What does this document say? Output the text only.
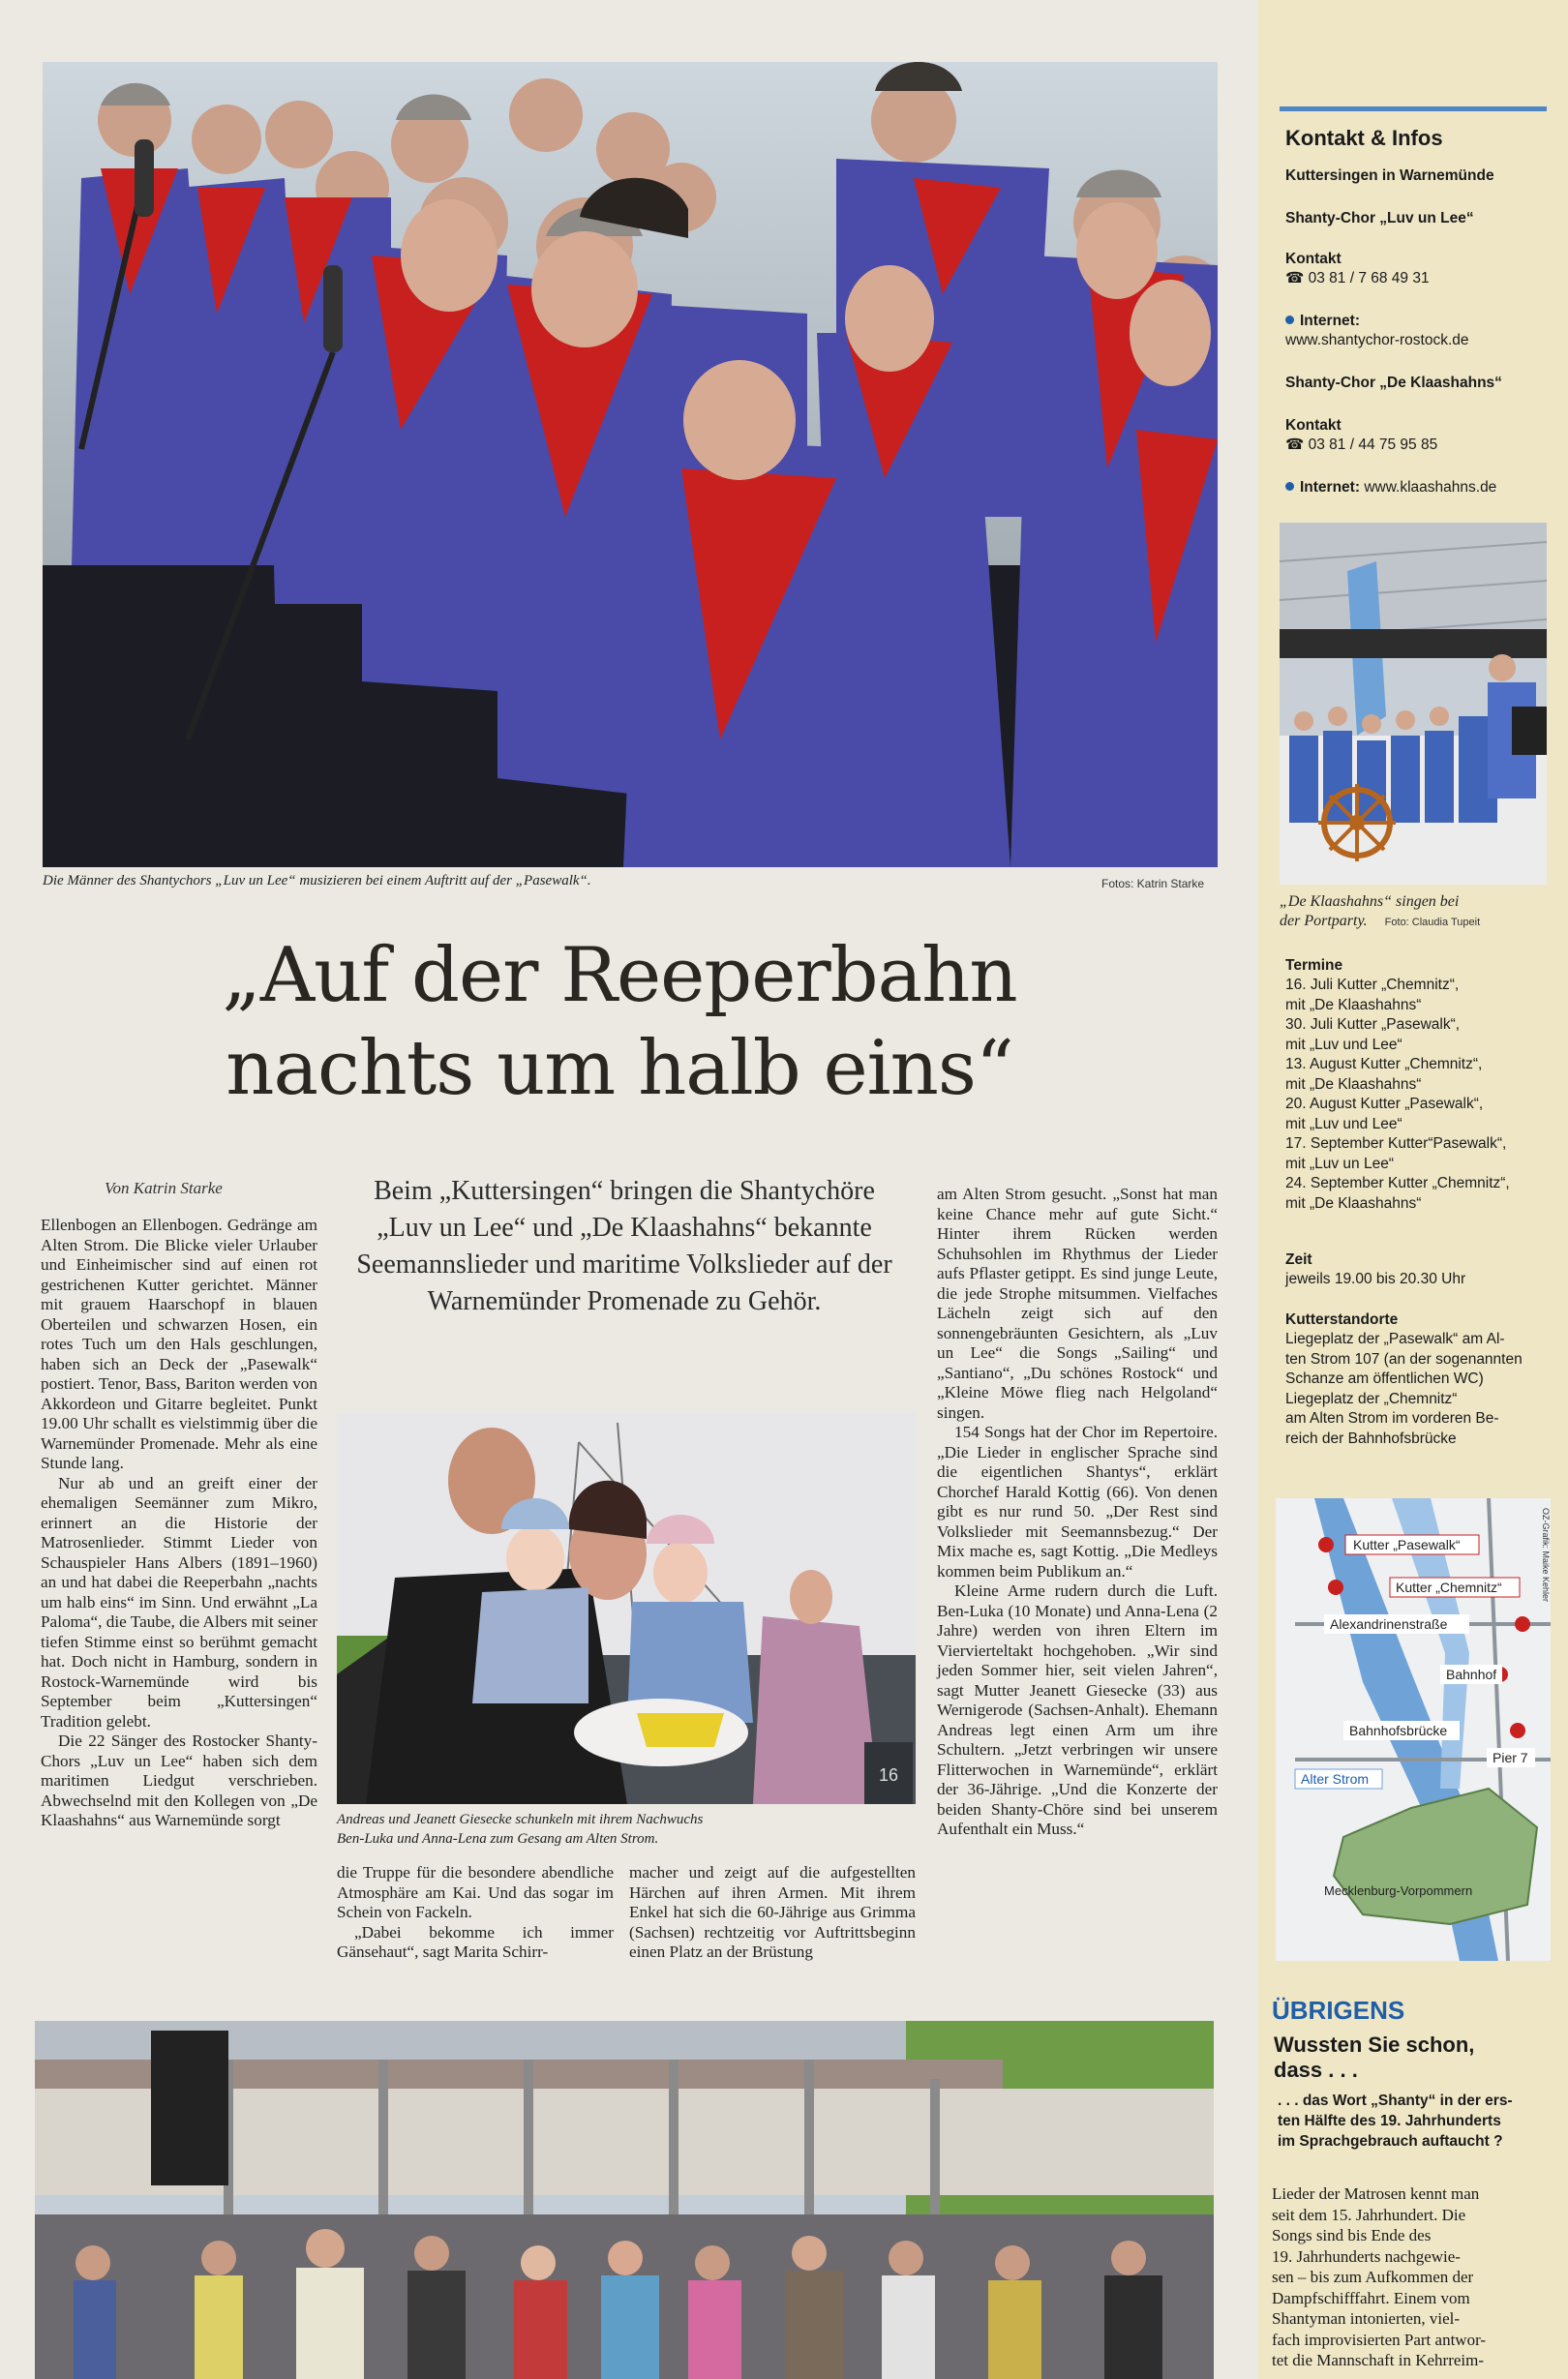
Die Männer des Shantychors „Luv un Lee“ musizieren bei einem Auftritt auf der „Pasewalk“.	Fotos: Katrin Starke
„Auf der Reeperbahn
nachts um halb eins“
Von Katrin Starke	Beim „Kuttersingen“ bringen die Shantychöre „Luv un Lee“ und „De Klaashahns“ bekannte Seemannslieder und maritime Volkslieder auf der Warnemünder Promenade zu Gehör.

Ellenbogen an Ellenbogen. Gedränge am Alten Strom. Die Blicke vieler Urlauber und Einheimischer sind auf einen rot gestrichenen Kutter gerichtet. Männer mit grauem Haarschopf in blauen Oberteilen und schwarzen Hosen, ein rotes Tuch um den Hals geschlungen, haben sich an Deck der „Pasewalk“ postiert. Tenor, Bass, Bariton werden von Akkordeon und Gitarre begleitet. Punkt 19.00 Uhr schallt es vielstimmig über die Warnemünder Promenade. Mehr als eine Stunde lang.

Nur ab und an greift einer der ehemaligen Seemänner zum Mikro, erinnert an die Historie der Matrosenlieder. Stimmt Lieder von Schauspieler Hans Albers (1891–1960) an und hat dabei die Reeperbahn „nachts um halb eins“ im Sinn. Und erwähnt „La Paloma“, die Taube, die Albers mit seiner tiefen Stimme einst so berühmt gemacht hat. Doch nicht in Hamburg, sondern in Rostock-Warnemünde wird bis September beim „Kuttersingen“ Tradition gelebt.

Die 22 Sänger des Rostocker Shanty-Chors „Luv un Lee“ haben sich dem maritimen Liedgut verschrieben. Abwechselnd mit den Kollegen von „De Klaashahns“ aus Warnemünde sorgt

16
Andreas und Jeanett Giesecke schunkeln mit ihrem Nachwuchs
Ben-Luka und Anna-Lena zum Gesang am Alten Strom.

die Truppe für die besondere abendliche Atmosphäre am Kai. Und das sogar im Schein von Fackeln.

„Dabei bekomme ich immer Gänsehaut“, sagt Marita Schirr-

macher und zeigt auf die aufgestellten Härchen auf ihren Armen. Mit ihrem Enkel hat sich die 60-Jährige aus Grimma (Sachsen) rechtzeitig vor Auftrittsbeginn einen Platz an der Brüstung

am Alten Strom gesucht. „Sonst hat man keine Chance mehr auf gute Sicht.“ Hinter ihrem Rücken werden Schuhsohlen im Rhythmus der Lieder aufs Pflaster getippt. Es sind junge Leute, die jede Strophe mitsummen. Vielfaches Lächeln zeigt sich auf den sonnengebräunten Gesichtern, als „Luv un Lee“ die Songs „Sailing“ und „Santiano“, „Du schönes Rostock“ und „Kleine Möwe flieg nach Helgoland“ singen.

154 Songs hat der Chor im Repertoire. „Die Lieder in englischer Sprache sind die eigentlichen Shantys“, erklärt Chorchef Harald Kottig (66). Von denen gibt es nur rund 50. „Der Rest sind Volkslieder mit Seemannsbezug.“ Der Mix mache es, sagt Kottig. „Die Medleys kommen beim Publikum an.“

Kleine Arme rudern durch die Luft. Ben-Luka (10 Monate) und Anna-Lena (2 Jahre) werden von ihren Eltern im Viervierteltakt hochgehoben. „Wir sind jeden Sommer hier, seit vielen Jahren“, sagt Mutter Jeanett Giesecke (33) aus Wernigerode (Sachsen-Anhalt). Ehemann Andreas legt einen Arm um ihre Schultern. „Jetzt verbringen wir unsere Flitterwochen in Warnemünde“, erklärt der 36-Jährige. „Und die Konzerte der beiden Shanty-Chöre sind bei unserem Aufenthalt ein Muss.“

Kontakt & Infos
Kuttersingen in Warnemünde
Shanty-Chor „Luv un Lee“
Kontakt
☎ 03 81 / 7 68 49 31
Internet:
www.shantychor-rostock.de
Shanty-Chor „De Klaashahns“
Kontakt
☎ 03 81 / 44 75 95 85
Internet: www.klaashahns.de
„De Klaashahns“ singen bei
der Portparty. Foto: Claudia Tupeit
Termine
16. Juli Kutter „Chemnitz“,
mit „De Klaashahns“
30. Juli Kutter „Pasewalk“,
mit „Luv und Lee“
13. August Kutter „Chemnitz“,
mit „De Klaashahns“
20. August Kutter „Pasewalk“,
mit „Luv und Lee“
17. September Kutter“Pasewalk“,
mit „Luv un Lee“
24. September Kutter „Chemnitz“,
mit „De Klaashahns“
Zeit
jeweils 19.00 bis 20.30 Uhr
Kutterstandorte
Liegeplatz der „Pasewalk“ am Al-
ten Strom 107 (an der sogenannten
Schanze am öffentlichen WC)
Liegeplatz der „Chemnitz“
am Alten Strom im vorderen Be-
reich der Bahnhofsbrücke
Kutter „Pasewalk“
Kutter „Chemnitz“
Alexandrinenstraße
Bahnhof
Bahnhofsbrücke
Pier 7
Alter Strom
Mecklenburg-Vorpommern
OZ-Grafik: Maike Kehler
ÜBRIGENS
Wussten Sie schon,
dass . . .
. . . das Wort „Shanty“ in der ers-
ten Hälfte des 19. Jahrhunderts
im Sprachgebrauch auftaucht ?
Lieder der Matrosen kennt man
seit dem 15. Jahrhundert. Die
Songs sind bis Ende des
19. Jahrhunderts nachgewie-
sen – bis zum Aufkommen der
Dampfschifffahrt. Einem vom
Shantyman intonierten, viel-
fach improvisierten Part antwor-
tet die Mannschaft in Kehrreim-
